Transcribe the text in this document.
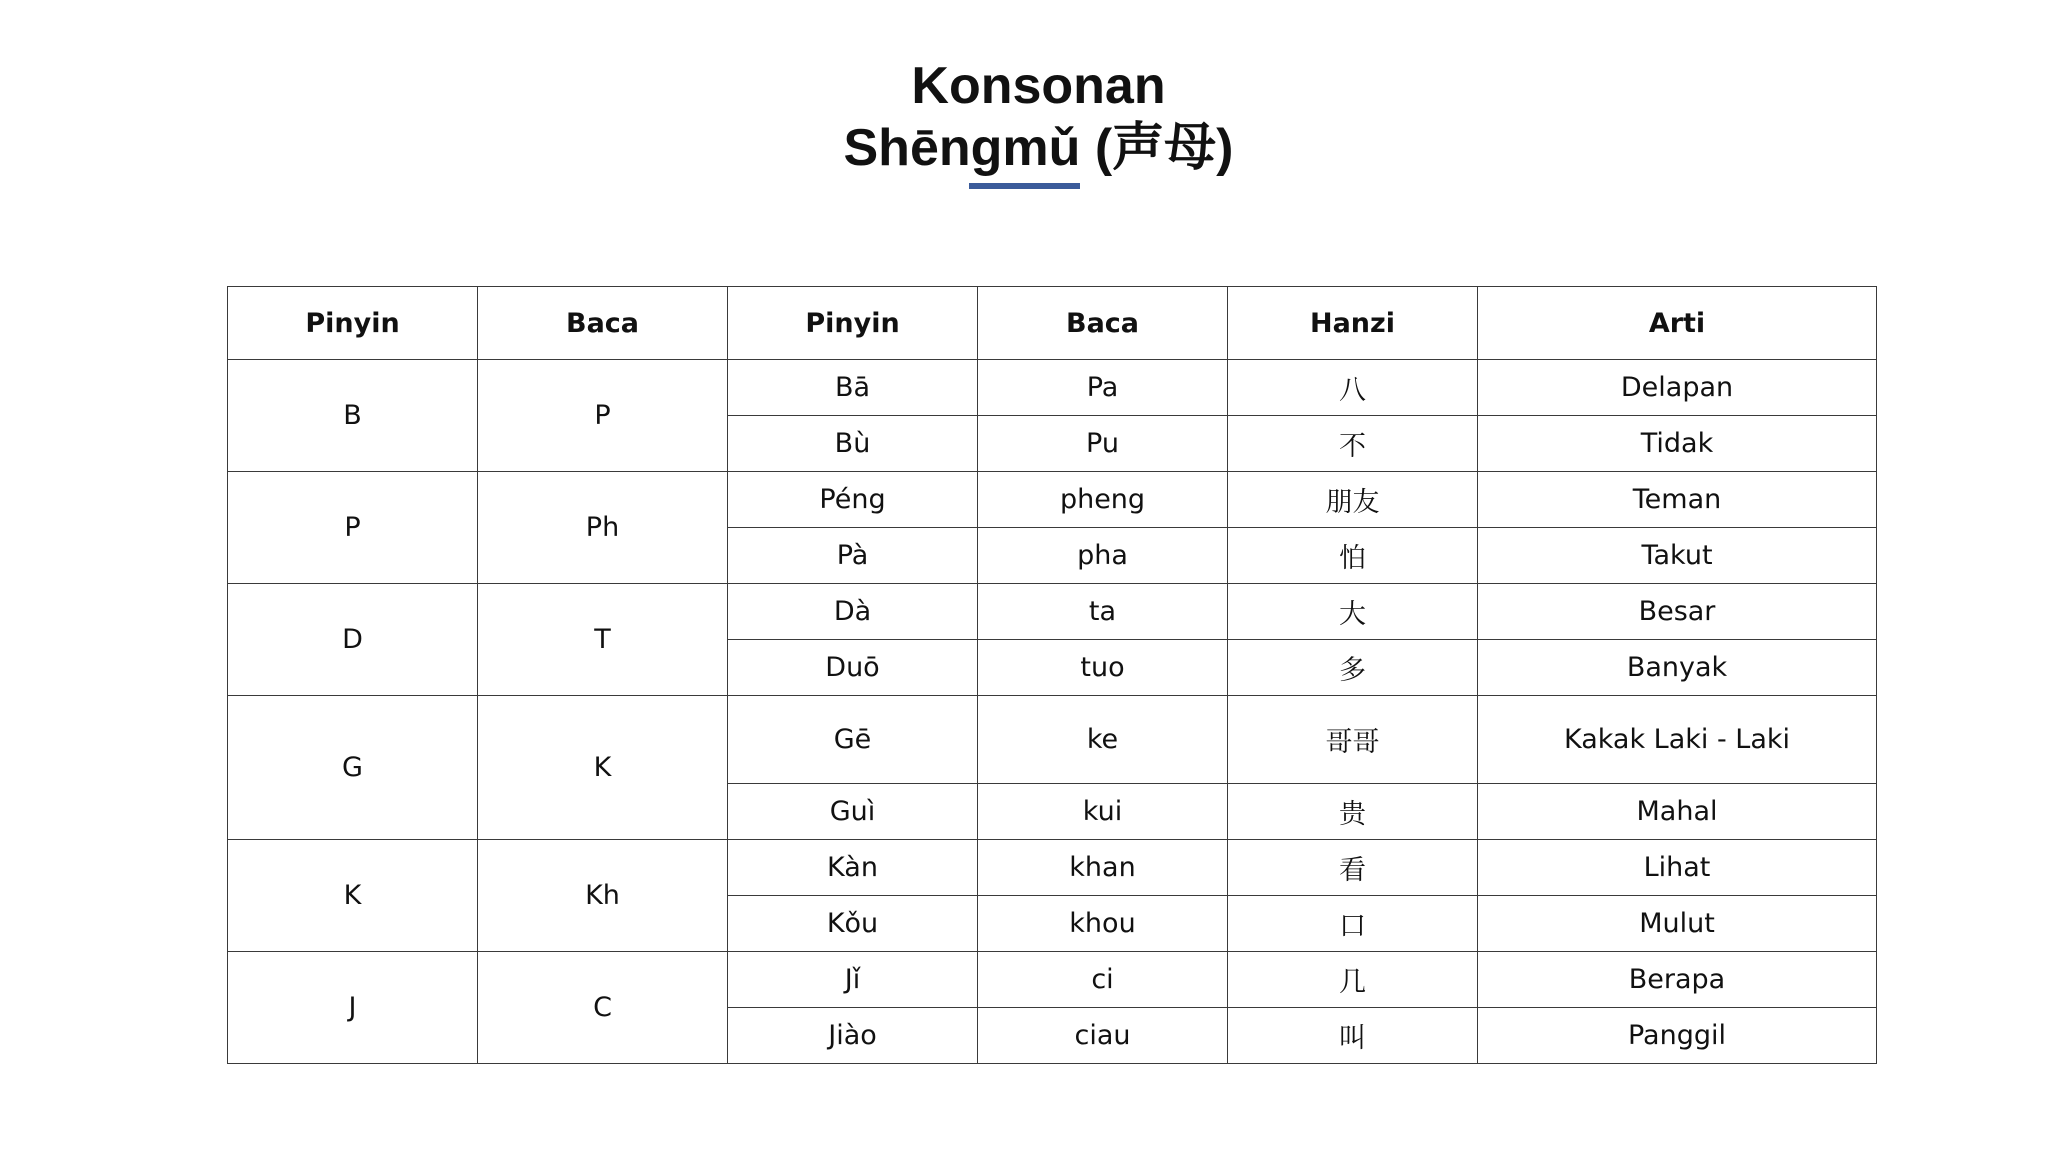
Konsonan
Shēngmǔ (声母)
Pinyin	Baca	Pinyin	Baca	Hanzi	Arti
B	P	Bā	Pa	八	Delapan
		Bù	Pu	不	Tidak
P	Ph	Péng	pheng	朋友	Teman
		Pà	pha	怕	Takut
D	T	Dà	ta	大	Besar
		Duō	tuo	多	Banyak
G	K	Gē	ke	哥哥	Kakak Laki - Laki
		Guì	kui	贵	Mahal
K	Kh	Kàn	khan	看	Lihat
		Kǒu	khou	口	Mulut
J	C	Jǐ	ci	几	Berapa
		Jiào	ciau	叫	Panggil
